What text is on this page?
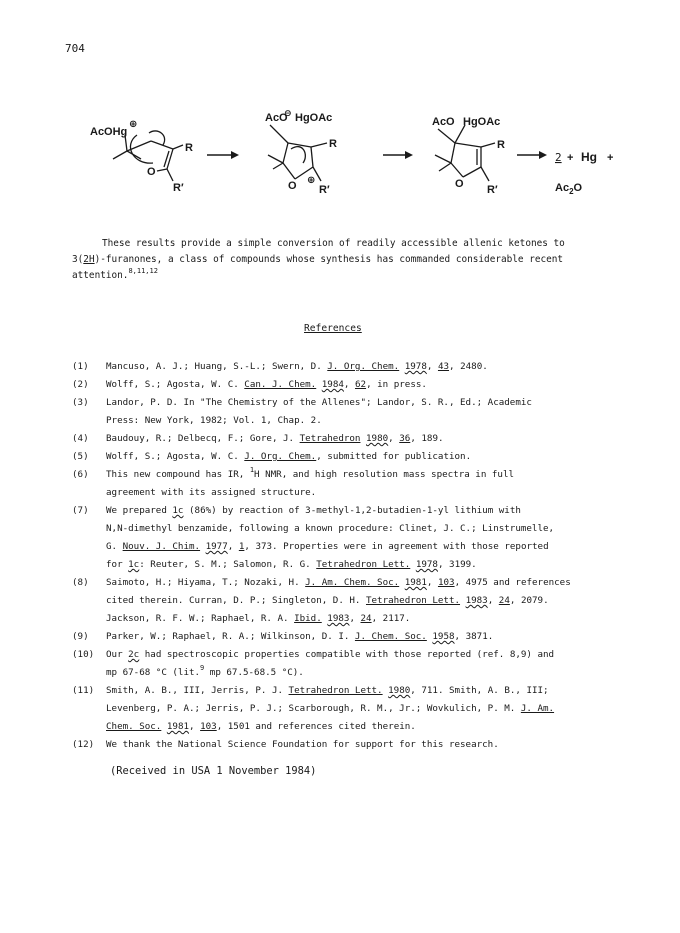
704
AcOHg
⊕
R
O
R′
AcO
⊖ HgOAc
R
O ⊕
R′
AcO HgOAc
R
O R′
2 + Hg +
$Ac_2O$

These results provide a simple conversion of readily accessible allenic ketones to

3(2H)-furanones, a class of compounds whose synthesis has commanded considerable recent

attention.$^{8,11,12}$

References
(1)	Mancuso, A. J.; Huang, S.-L.; Swern, D. J. Org. Chem. 1978, 43, 2480.
(2)	Wolff, S.; Agosta, W. C. Can. J. Chem. 1984, 62, in press.
(3)	Landor, P. D. In "The Chemistry of the Allenes"; Landor, S. R., Ed.; Academic
Press: New York, 1982; Vol. 1, Chap. 2.
(4)	Baudouy, R.; Delbecq, F.; Gore, J. Tetrahedron 1980, 36, 189.
(5)	Wolff, S.; Agosta, W. C. J. Org. Chem., submitted for publication.
(6)	This new compound has IR, $^1$H NMR, and high resolution mass spectra in full
agreement with its assigned structure.
(7)	We prepared 1c (86%) by reaction of 3-methyl-1,2-butadien-1-yl lithium with
N,N-dimethyl benzamide, following a known procedure: Clinet, J. C.; Linstrumelle,
G. Nouv. J. Chim. 1977, 1, 373. Properties were in agreement with those reported
for 1c: Reuter, S. M.; Salomon, R. G. Tetrahedron Lett. 1978, 3199.
(8)	Saimoto, H.; Hiyama, T.; Nozaki, H. J. Am. Chem. Soc. 1981, 103, 4975 and references
cited therein. Curran, D. P.; Singleton, D. H. Tetrahedron Lett. 1983, 24, 2079.
Jackson, R. F. W.; Raphael, R. A. Ibid. 1983, 24, 2117.
(9)	Parker, W.; Raphael, R. A.; Wilkinson, D. I. J. Chem. Soc. 1958, 3871.
(10)	Our 2c had spectroscopic properties compatible with those reported (ref. 8,9) and
mp 67-68 °C (lit.$^9$ mp 67.5-68.5 °C).
(11)	Smith, A. B., III, Jerris, P. J. Tetrahedron Lett. 1980, 711. Smith, A. B., III;
Levenberg, P. A.; Jerris, P. J.; Scarborough, R. M., Jr.; Wovkulich, P. M. J. Am.
Chem. Soc. 1981, 103, 1501 and references cited therein.
(12)	We thank the National Science Foundation for support for this research.
(Received in USA 1 November 1984)
